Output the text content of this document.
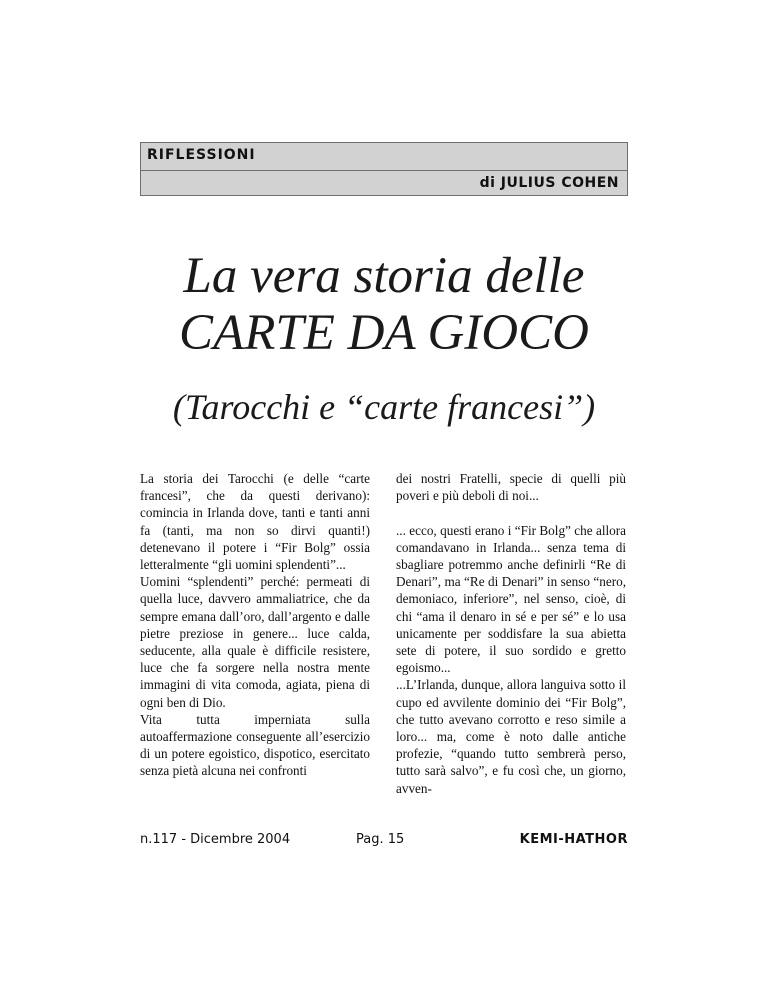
RIFLESSIONI
di JULIUS COHEN
La vera storia delle
CARTE DA GIOCO
(Tarocchi e “carte francesi”)

La storia dei Tarocchi (e delle “carte francesi”, che da questi derivano): comincia in Irlanda dove, tanti e tanti anni fa (tanti, ma non so dirvi quanti!) detenevano il potere i “Fir Bolg” ossia letteralmente “gli uomini splendenti”...

Uomini “splendenti” perché: permeati di quella luce, davvero ammaliatrice, che da sempre emana dall’oro, dall’argento e dalle pietre preziose in genere... luce calda, seducente, alla quale è difficile resistere, luce che fa sorgere nella nostra mente immagini di vita comoda, agiata, piena di ogni ben di Dio.

Vita tutta imperniata sulla autoaffermazione conseguente all’esercizio di un potere egoistico, dispotico, esercitato senza pietà alcuna nei confronti

dei nostri Fratelli, specie di quelli più poveri e più deboli di noi...

... ecco, questi erano i “Fir Bolg” che allora comandavano in Irlanda... senza tema di sbagliare potremmo anche definirli “Re di Denari”, ma “Re di Denari” in senso “nero, demoniaco, inferiore”, nel senso, cioè, di chi “ama il denaro in sé e per sé” e lo usa unicamente per soddisfare la sua abietta sete di potere, il suo sordido e gretto egoismo...

...L’Irlanda, dunque, allora languiva sotto il cupo ed avvilente dominio dei “Fir Bolg”, che tutto avevano corrotto e reso simile a loro... ma, come è noto dalle antiche profezie, “quando tutto sembrerà perso, tutto sarà salvo”, e fu così che, un giorno, avven-

n.117 - Dicembre 2004	Pag. 15	KEMI-HATHOR
